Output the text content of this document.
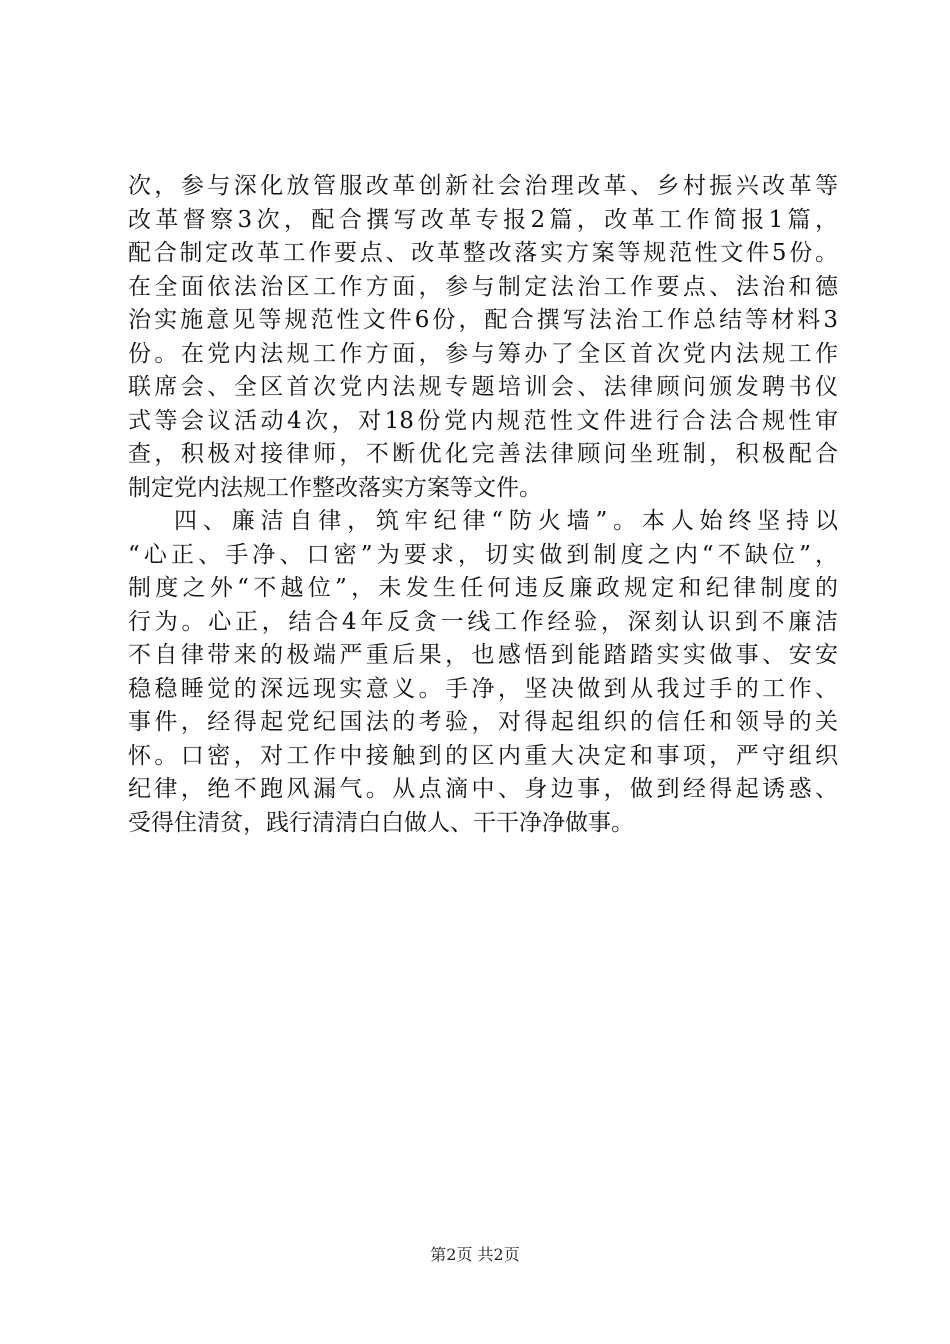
次，参与深化放管服改革创新社会治理改革、乡村振兴改革等
改革督察3次，配合撰写改革专报2篇，改革工作简报1篇，
配合制定改革工作要点、改革整改落实方案等规范性文件5份。
在全面依法治区工作方面，参与制定法治工作要点、法治和德
治实施意见等规范性文件6份，配合撰写法治工作总结等材料3
份。在党内法规工作方面，参与筹办了全区首次党内法规工作
联席会、全区首次党内法规专题培训会、法律顾问颁发聘书仪
式等会议活动4次，对18份党内规范性文件进行合法合规性审
查，积极对接律师，不断优化完善法律顾问坐班制，积极配合
制定党内法规工作整改落实方案等文件。
四、廉洁自律，筑牢纪律“防火墙”。本人始终坚持以
“心正、手净、口密”为要求，切实做到制度之内“不缺位”，
制度之外“不越位”，未发生任何违反廉政规定和纪律制度的
行为。心正，结合4年反贪一线工作经验，深刻认识到不廉洁
不自律带来的极端严重后果，也感悟到能踏踏实实做事、安安
稳稳睡觉的深远现实意义。手净，坚决做到从我过手的工作、
事件，经得起党纪国法的考验，对得起组织的信任和领导的关
怀。口密，对工作中接触到的区内重大决定和事项，严守组织
纪律，绝不跑风漏气。从点滴中、身边事，做到经得起诱惑、
受得住清贫，践行清清白白做人、干干净净做事。
第2页 共2页
